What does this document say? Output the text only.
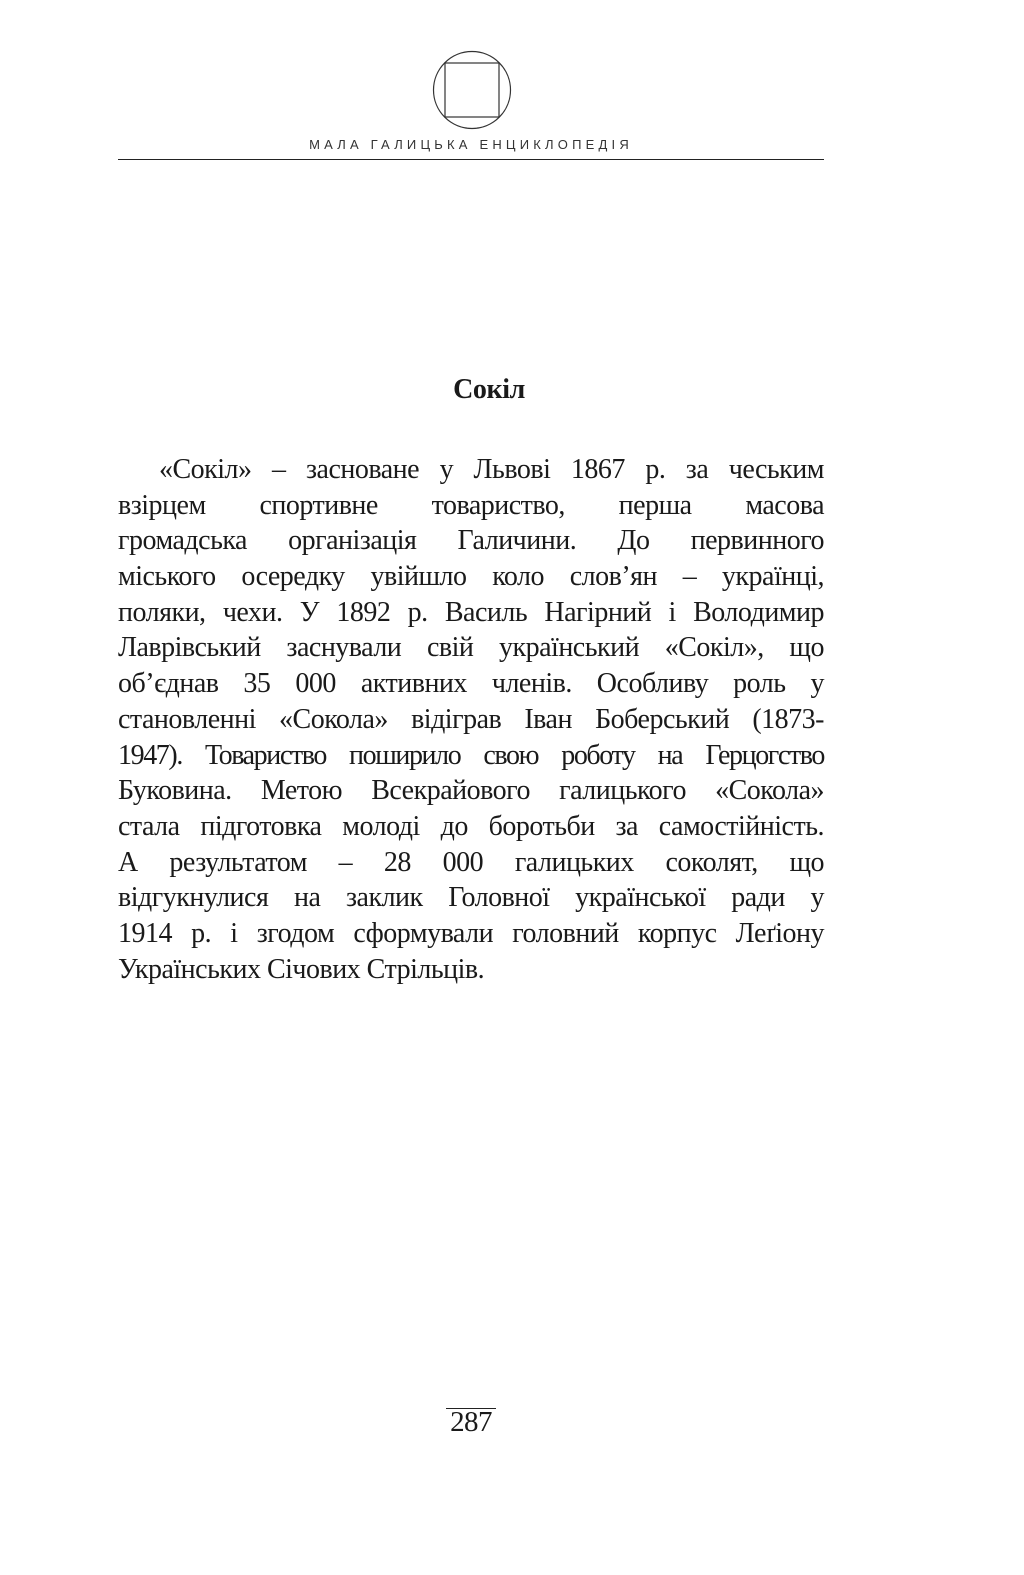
МАЛА ГАЛИЦЬКА ЕНЦИКЛОПЕДІЯ
Сокіл
«Сокіл» – засноване у Львові 1867 р. за чеським
взірцем спортивне товариство, перша масова
громадська організація Галичини. До первинного
міського осередку увійшло коло слов’ян – українці,
поляки, чехи. У 1892 р. Василь Нагірний і Володимир
Лаврівський заснували свій український «Сокіл», що
об’єднав 35 000 активних членів. Особливу роль у
становленні «Сокола» відіграв Іван Боберський (1873-
1947). Товариство поширило свою роботу на Герцогство
Буковина. Метою Всекрайового галицького «Сокола»
стала підготовка молоді до боротьби за самостійність.
А результатом – 28 000 галицьких соколят, що
відгукнулися на заклик Головної української ради у
1914 р. і згодом сформували головний корпус Леґіону
Українських Січових Стрільців.
287
